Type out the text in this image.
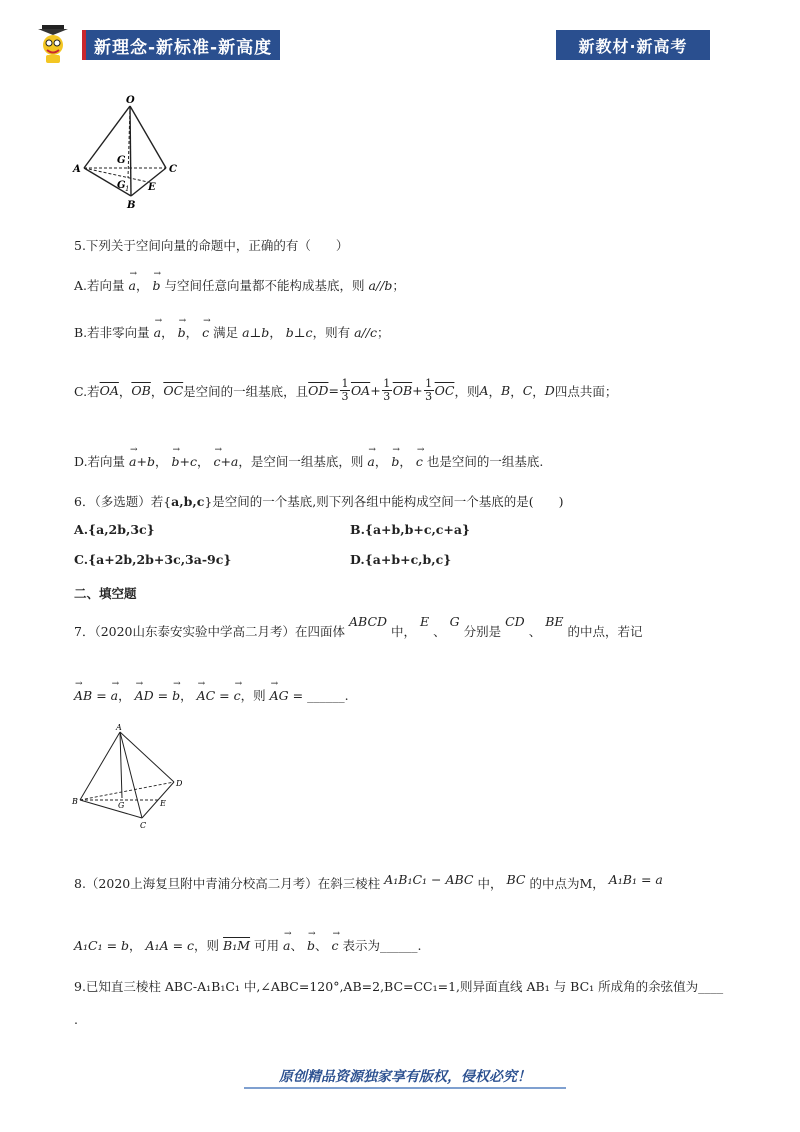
新理念-新标准-新高度	新教材·新高考
O
A
B
C
G
G 1 E
5.下列关于空间向量的命题中，正确的有（　　）
A.若向量 → a， → b 与空间任意向量都不能构成基底，则 a//b；
B.若非零向量 → a， → b， → c 满足 a⊥b， b⊥c，则有 a//c；
C.若 $\overline{OA}$ ， $\overline{OB}$ ， $\overline{OC}$ 是空间的一组基底，且 $\overline{OD} = \frac{1}{3} \overline{OA} + \frac{1}{3} \overline{OB} + \frac{1}{3} \overline{OC}$ ，则 A ， B ， C ， D 四点共面；
D.若向量 → a+b， → b+c， → c+a，是空间一组基底，则 → a， → b， → c 也是空间的一组基底.
6．（多选题）若{a,b,c}是空间的一个基底,则下列各组中能构成空间一个基底的是(　　)
A.{a,2b,3c}	B.{a+b,b+c,c+a}
C.{a+2b,2b+3c,3a-9c}	D.{a+b+c,b,c}
二、填空题
7．（2020山东泰安实验中学高二月考）在四面体 ABCD 中， E 、 G 分别是 CD 、 BE 的中点，若记
→ AB = → a， → AD = → b， → AC = → c，则 → AG = ______.
A
B
C
D
G	E
8.（2020上海复旦附中青浦分校高二月考）在斜三棱柱 A₁B₁C₁ − ABC 中， BC 的中点为M， A₁B₁ = a
A₁C₁ = b， A₁A = c，则 B₁M 可用 → a、 → b、 → c 表示为______.
9.已知直三棱柱 ABC-A₁B₁C₁ 中,∠ABC=120°,AB=2,BC=CC₁=1,则异面直线 AB₁ 与 BC₁ 所成角的余弦值为____
.
原创精品资源独家享有版权，侵权必究！
